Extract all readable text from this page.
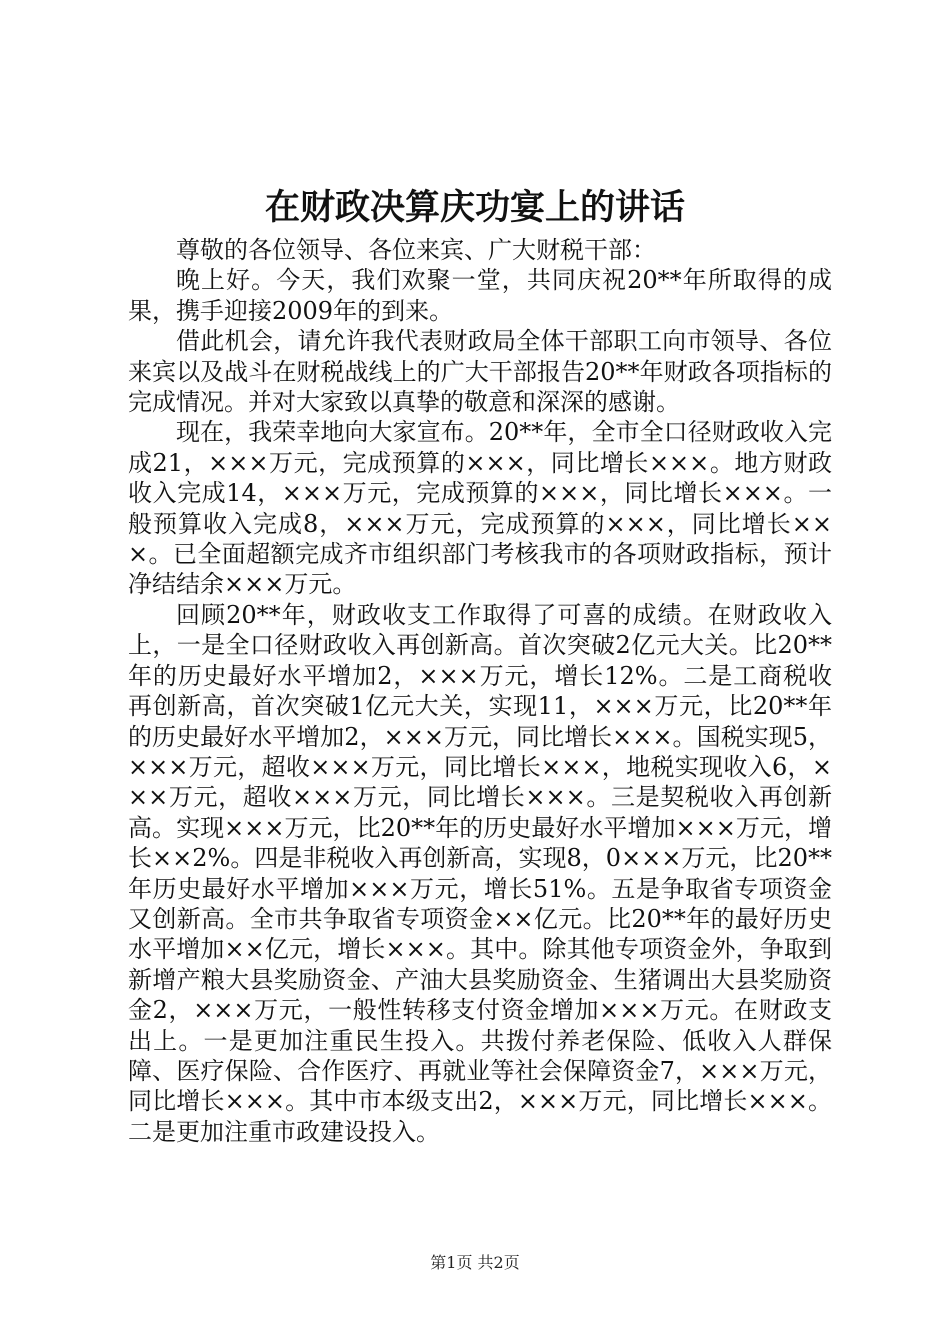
在财政决算庆功宴上的讲话

尊敬的各位领导、各位来宾、广大财税干部：

晚上好。今天，我们欢聚一堂，共同庆祝20**年所取得的成果，携手迎接2009年的到来。

借此机会，请允许我代表财政局全体干部职工向市领导、各位来宾以及战斗在财税战线上的广大干部报告20**年财政各项指标的完成情况。并对大家致以真挚的敬意和深深的感谢。

现在，我荣幸地向大家宣布。20**年，全市全口径财政收入完成21，×××万元，完成预算的×××，同比增长×××。地方财政收入完成14，×××万元，完成预算的×××，同比增长×××。一般预算收入完成8，×××万元，完成预算的×××，同比增长×××。已全面超额完成齐市组织部门考核我市的各项财政指标，预计净结结余×××万元。

回顾20**年，财政收支工作取得了可喜的成绩。在财政收入上，一是全口径财政收入再创新高。首次突破2亿元大关。比20**年的历史最好水平增加2，×××万元，增长12%。二是工商税收再创新高，首次突破1亿元大关，实现11，×××万元，比20**年的历史最好水平增加2，×××万元，同比增长×××。国税实现5，×××万元，超收×××万元，同比增长×××，地税实现收入6，×××万元，超收×××万元，同比增长×××。三是契税收入再创新高。实现×××万元，比20**年的历史最好水平增加×××万元，增长××2%。四是非税收入再创新高，实现8，0×××万元，比20**年历史最好水平增加×××万元，增长51%。五是争取省专项资金又创新高。全市共争取省专项资金××亿元。比20**年的最好历史水平增加××亿元，增长×××。其中。除其他专项资金外，争取到新增产粮大县奖励资金、产油大县奖励资金、生猪调出大县奖励资金2，×××万元，一般性转移支付资金增加×××万元。在财政支出上。一是更加注重民生投入。共拨付养老保险、低收入人群保障、医疗保险、合作医疗、再就业等社会保障资金7，×××万元，同比增长×××。其中市本级支出2，×××万元，同比增长×××。二是更加注重市政建设投入。

第1页 共2页
